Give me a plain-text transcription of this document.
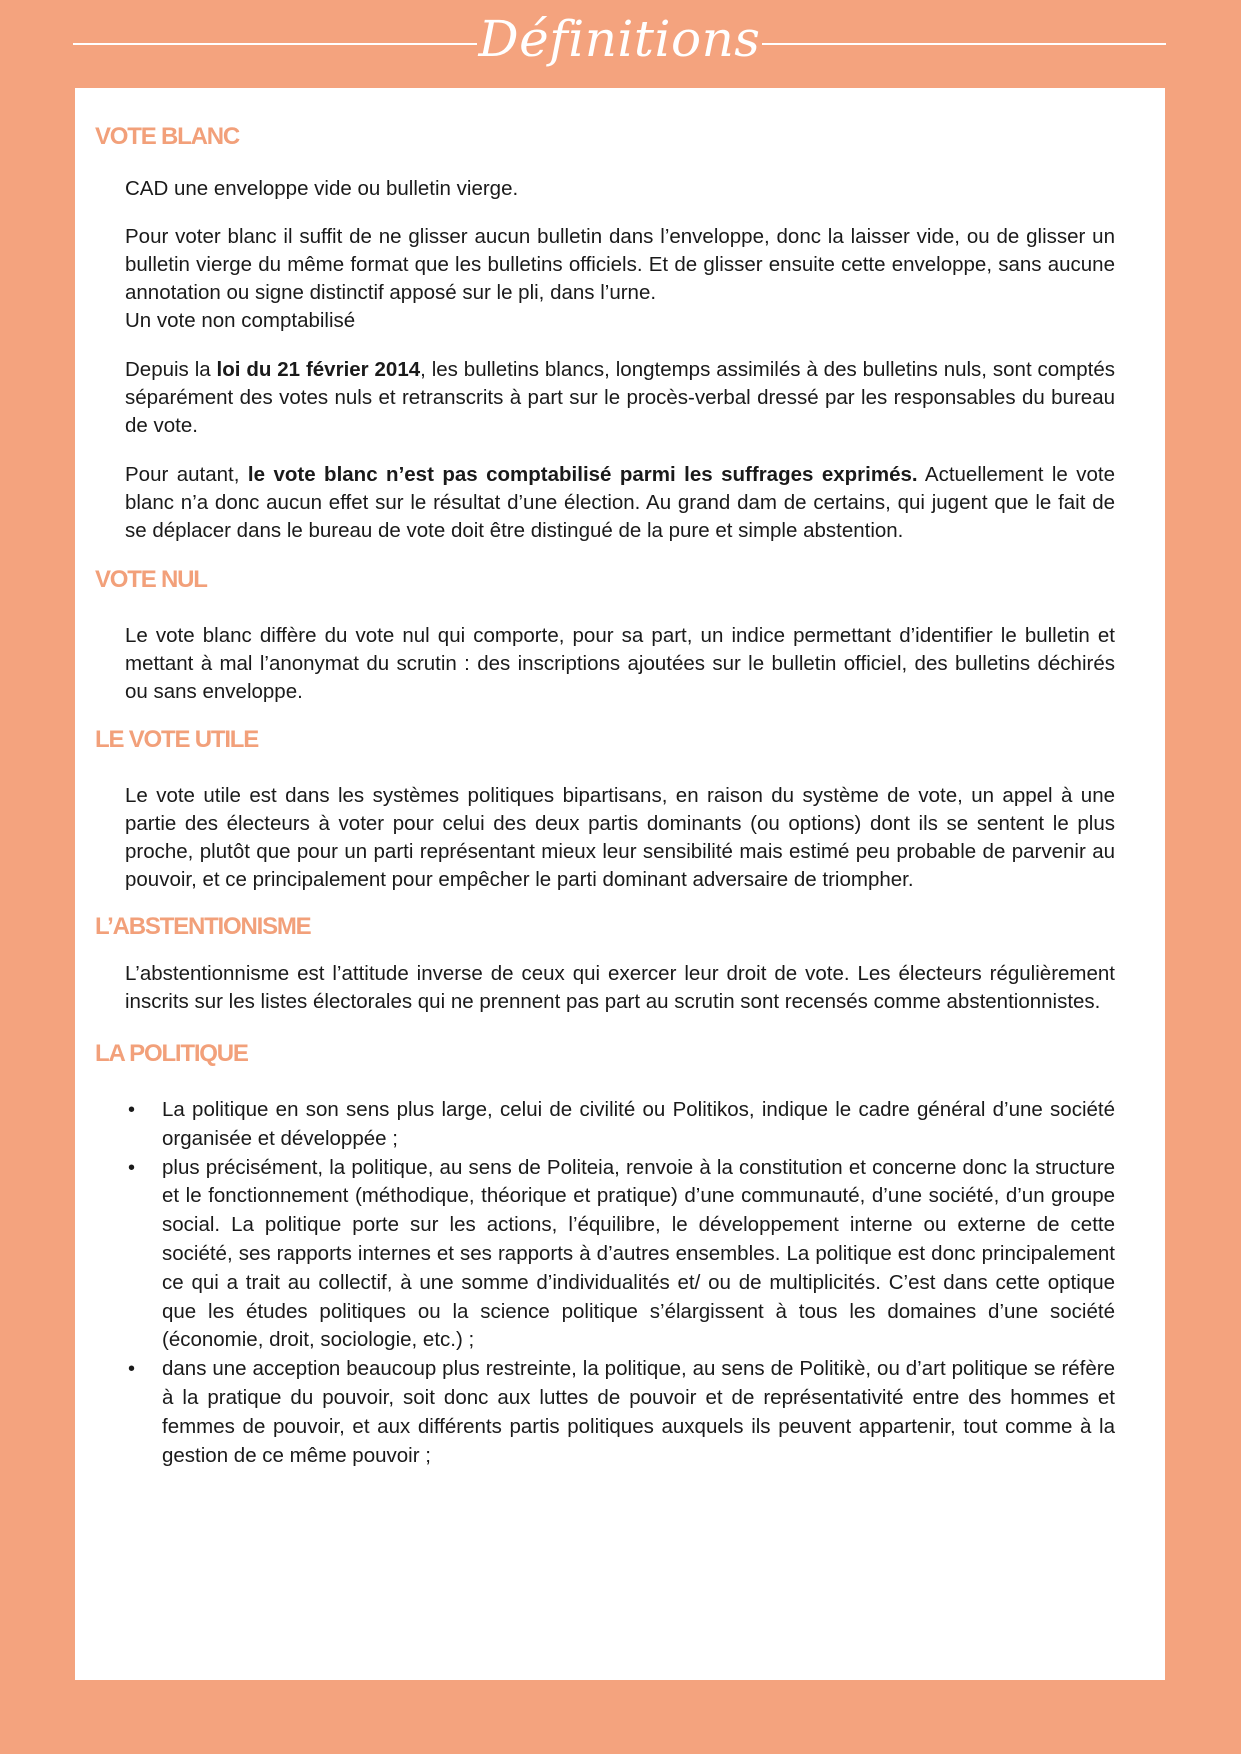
Définitions
VOTE BLANC

CAD une enveloppe vide ou bulletin vierge.

Pour voter blanc il suffit de ne glisser aucun bulletin dans l’enveloppe, donc la laisser vide, ou de glisser un bulletin vierge du même format que les bulletins officiels. Et de glisser ensuite cette enveloppe, sans aucune annotation ou signe distinctif apposé sur le pli, dans l’urne.

Un vote non comptabilisé

Depuis la loi du 21 février 2014, les bulletins blancs, longtemps assimilés à des bulletins nuls, sont comptés séparément des votes nuls et retranscrits à part sur le procès-verbal dressé par les responsables du bureau de vote.

Pour autant, le vote blanc n’est pas comptabilisé parmi les suffrages exprimés. Actuellement le vote blanc n’a donc aucun effet sur le résultat d’une élection. Au grand dam de certains, qui jugent que le fait de se déplacer dans le bureau de vote doit être distingué de la pure et simple abstention.

VOTE NUL

Le vote blanc diffère du vote nul qui comporte, pour sa part, un indice permettant d’identifier le bulletin et mettant à mal l’anonymat du scrutin : des inscriptions ajoutées sur le bulletin officiel, des bulletins déchirés ou sans enveloppe.

LE VOTE UTILE

Le vote utile est dans les systèmes politiques bipartisans, en raison du système de vote, un appel à une partie des électeurs à voter pour celui des deux partis dominants (ou options) dont ils se sentent le plus proche, plutôt que pour un parti représentant mieux leur sensibilité mais estimé peu probable de parvenir au pouvoir, et ce principalement pour empêcher le parti dominant adversaire de triompher.

L’ABSTENTIONISME

L’abstentionnisme est l’attitude inverse de ceux qui exercer leur droit de vote. Les électeurs régulièrement inscrits sur les listes électorales qui ne prennent pas part au scrutin sont recensés comme abstentionnistes.

LA POLITIQUE
• La politique en son sens plus large, celui de civilité ou Politikos, indique le cadre général d’une société organisée et développée ;
• plus précisément, la politique, au sens de Politeia, renvoie à la constitution et concerne donc la structure et le fonctionnement (méthodique, théorique et pratique) d’une communauté, d’une société, d’un groupe social. La politique porte sur les actions, l’équilibre, le développement interne ou externe de cette société, ses rapports internes et ses rapports à d’autres ensembles. La politique est donc principalement ce qui a trait au collectif, à une somme d’individualités et/ ou de multiplicités. C’est dans cette optique que les études politiques ou la science politique s’élargissent à tous les domaines d’une société (économie, droit, sociologie, etc.) ;
• dans une acception beaucoup plus restreinte, la politique, au sens de Politikè, ou d’art politique se réfère à la pratique du pouvoir, soit donc aux luttes de pouvoir et de représentativité entre des hommes et femmes de pouvoir, et aux différents partis politiques auxquels ils peuvent appartenir, tout comme à la gestion de ce même pouvoir ;
